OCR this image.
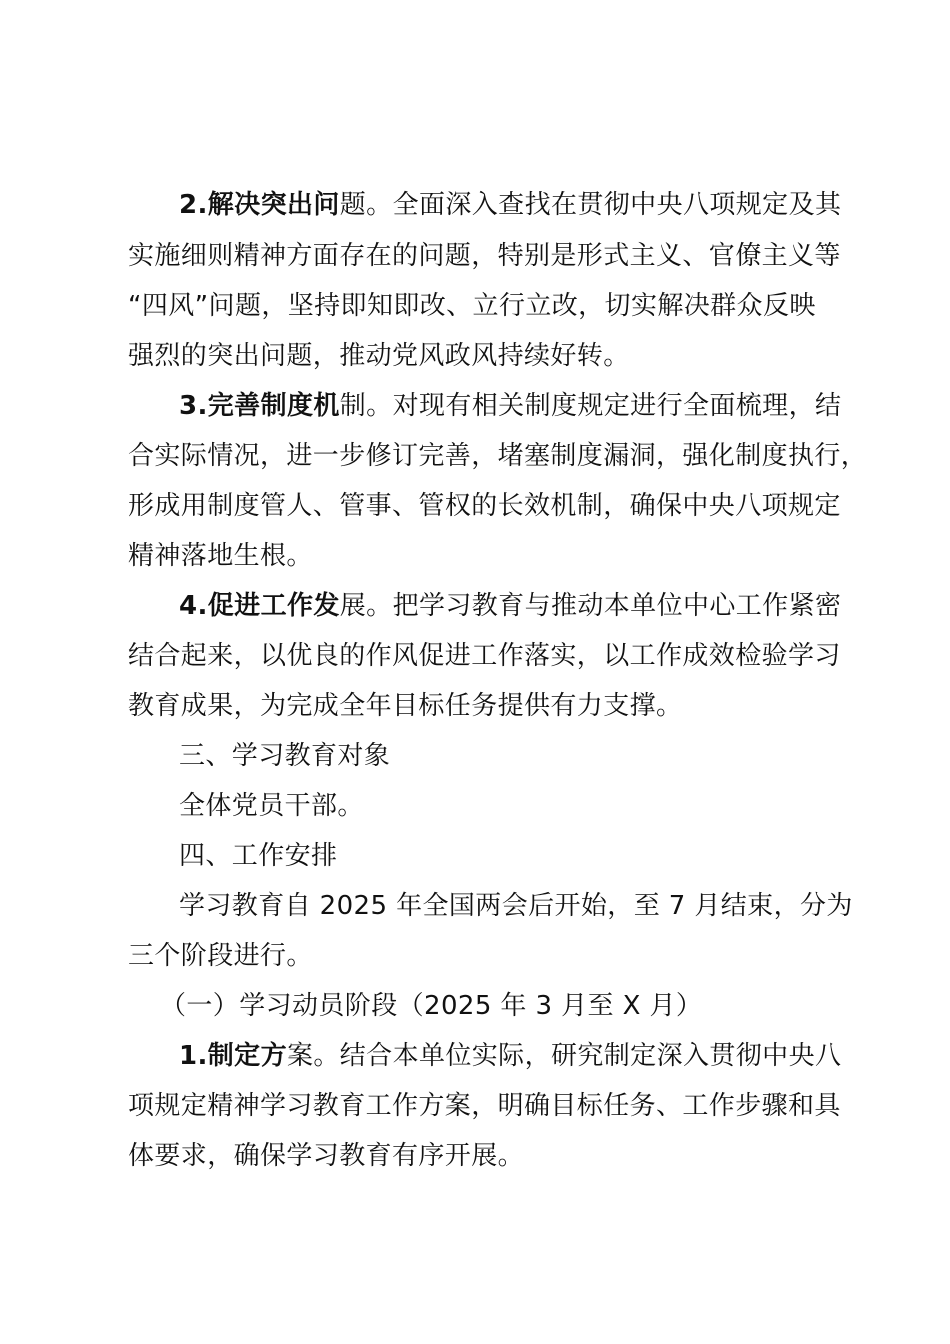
2.解决突出问题。全面深入查找在贯彻中央八项规定及其
实施细则精神方面存在的问题，特别是形式主义、官僚主义等
“四风”问题，坚持即知即改、立行立改，切实解决群众反映
强烈的突出问题，推动党风政风持续好转。
3.完善制度机制。对现有相关制度规定进行全面梳理，结
合实际情况，进一步修订完善，堵塞制度漏洞，强化制度执行，
形成用制度管人、管事、管权的长效机制，确保中央八项规定
精神落地生根。
4.促进工作发展。把学习教育与推动本单位中心工作紧密
结合起来，以优良的作风促进工作落实，以工作成效检验学习
教育成果，为完成全年目标任务提供有力支撑。
三、学习教育对象
全体党员干部。
四、工作安排
学习教育自 2025 年全国两会后开始，至 7 月结束，分为
三个阶段进行。
（一）学习动员阶段（2025 年 3 月至 X 月）
1.制定方案。结合本单位实际，研究制定深入贯彻中央八
项规定精神学习教育工作方案，明确目标任务、工作步骤和具
体要求，确保学习教育有序开展。
